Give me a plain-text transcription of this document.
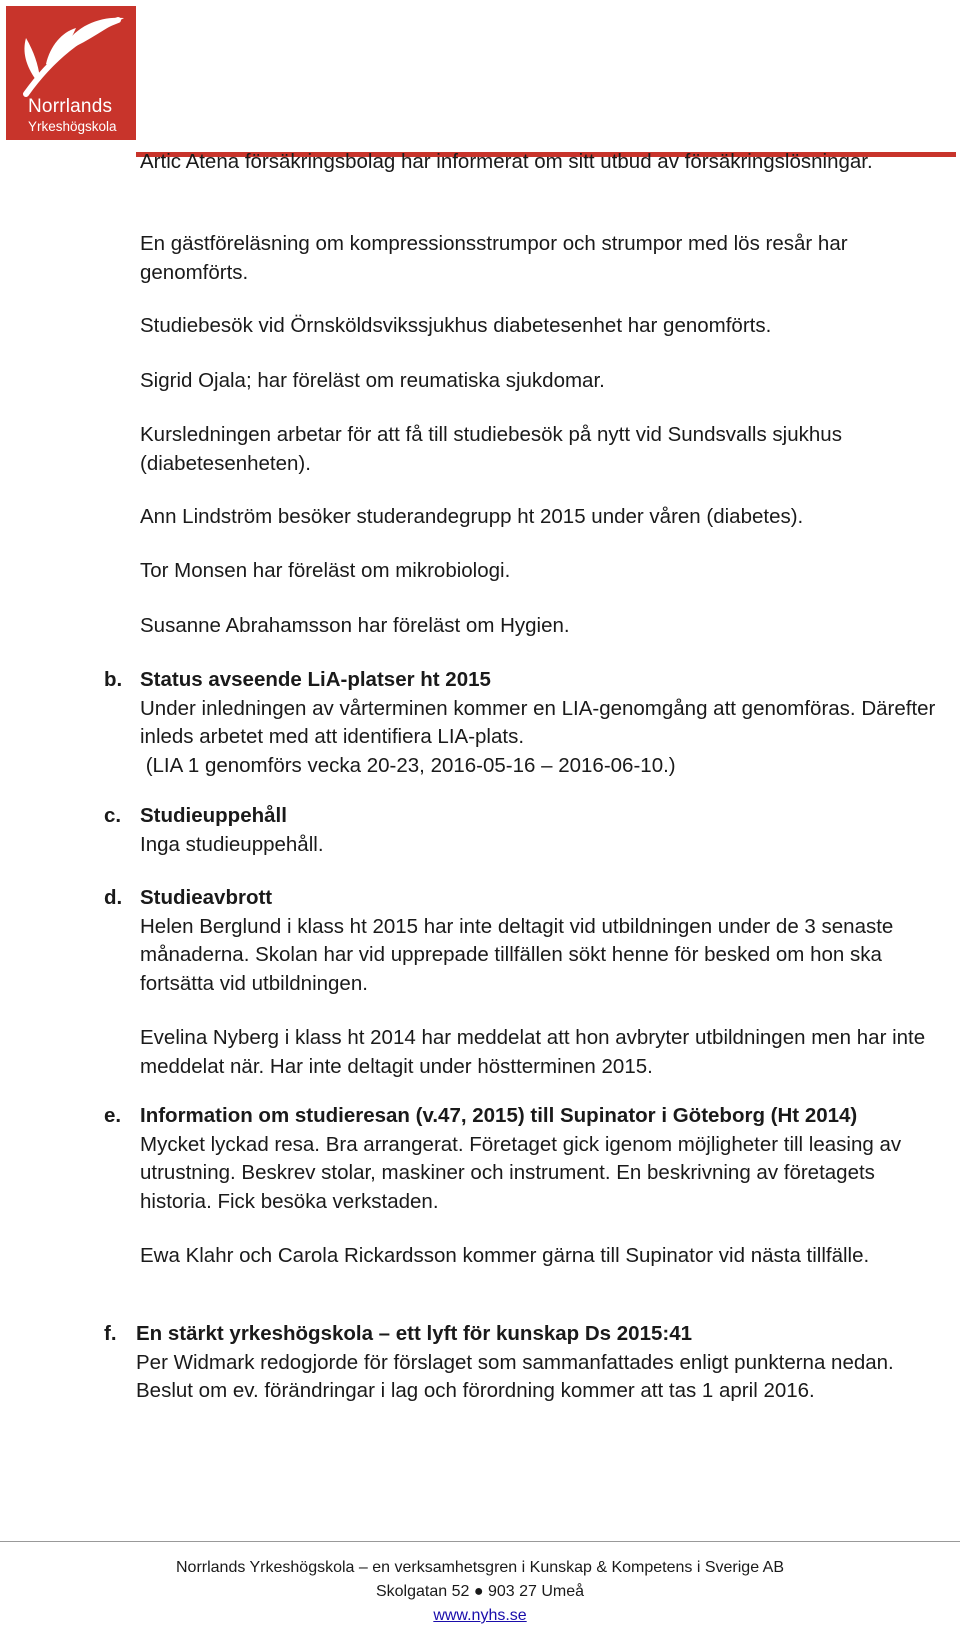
Norrlands
Yrkeshögskola

Artic Atena försäkringsbolag har informerat om sitt utbud av försäkringslösningar.

En gästföreläsning om kompressionsstrumpor och strumpor med lös resår har genomförts.

Studiebesök vid Örnsköldsvikssjukhus diabetesenhet har genomförts.

Sigrid Ojala; har föreläst om reumatiska sjukdomar.

Kursledningen arbetar för att få till studiebesök på nytt vid Sundsvalls sjukhus (diabetesenheten).

Ann Lindström besöker studerandegrupp ht 2015 under våren (diabetes).

Tor Monsen har föreläst om mikrobiologi.

Susanne Abrahamsson har föreläst om Hygien.

b. Status avseende LiA-platser ht 2015
Under inledningen av vårterminen kommer en LIA-genomgång att genomföras. Därefter inleds arbetet med att identifiera LIA-plats.
(LIA 1 genomförs vecka 20-23, 2016-05-16 – 2016-06-10.)
c. Studieuppehåll
Inga studieuppehåll.
d. Studieavbrott
Helen Berglund i klass ht 2015 har inte deltagit vid utbildningen under de 3 senaste månaderna. Skolan har vid upprepade tillfällen sökt henne för besked om hon ska fortsätta vid utbildningen.
Evelina Nyberg i klass ht 2014 har meddelat att hon avbryter utbildningen men har inte meddelat när. Har inte deltagit under höstterminen 2015.
e. Information om studieresan (v.47, 2015) till Supinator i Göteborg (Ht 2014)
Mycket lyckad resa. Bra arrangerat. Företaget gick igenom möjligheter till leasing av utrustning. Beskrev stolar, maskiner och instrument. En beskrivning av företagets historia. Fick besöka verkstaden.
Ewa Klahr och Carola Rickardsson kommer gärna till Supinator vid nästa tillfälle.
f. En stärkt yrkeshögskola – ett lyft för kunskap Ds 2015:41
Per Widmark redogjorde för förslaget som sammanfattades enligt punkterna nedan. Beslut om ev. förändringar i lag och förordning kommer att tas 1 april 2016.
Norrlands Yrkeshögskola – en verksamhetsgren i Kunskap & Kompetens i Sverige AB
Skolgatan 52 ● 903 27 Umeå
www.nyhs.se
